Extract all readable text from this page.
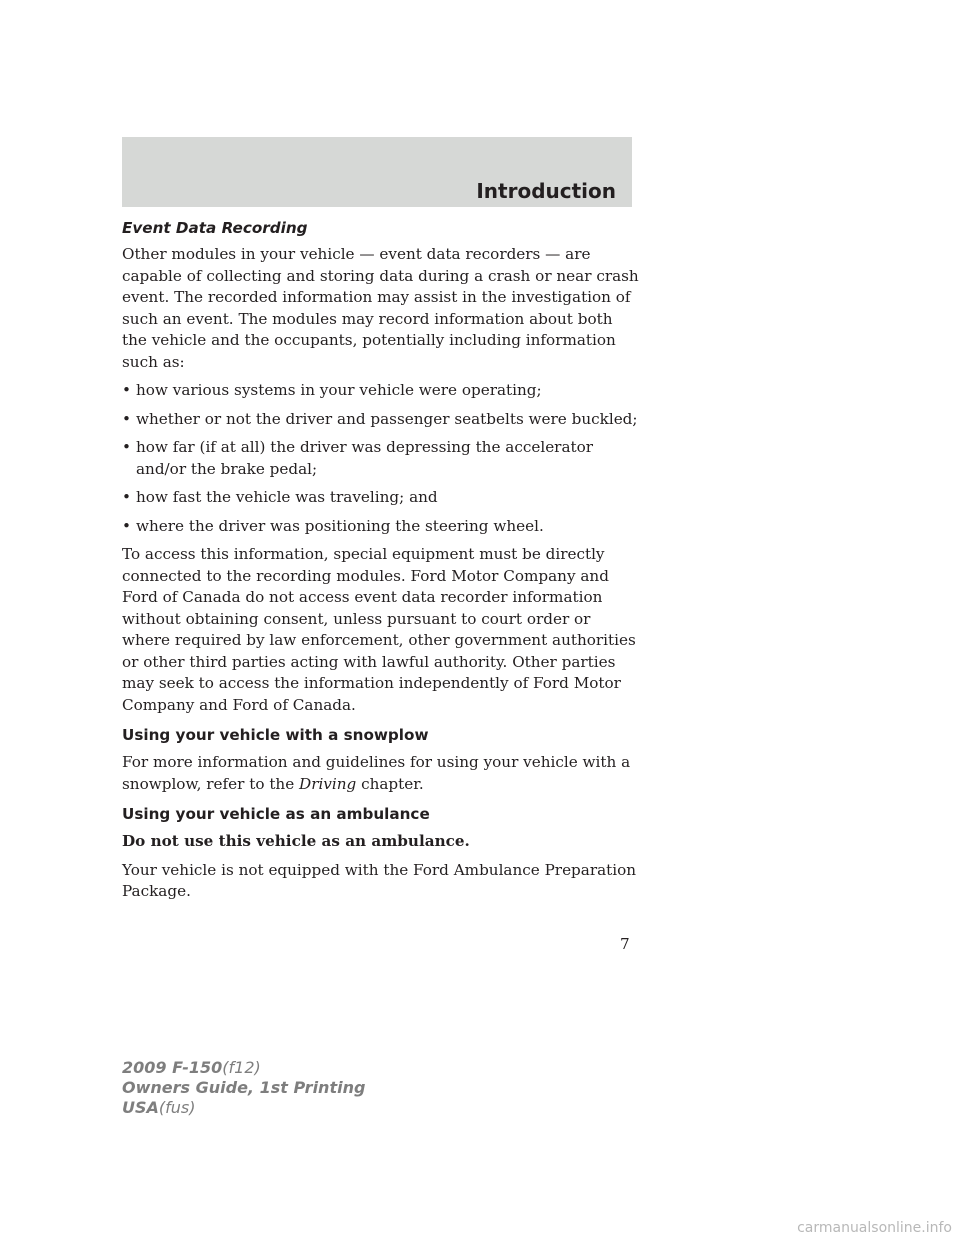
Introduction
Event Data Recording

Other modules in your vehicle — event data recorders — are capable of collecting and storing data during a crash or near crash event. The recorded information may assist in the investigation of such an event. The modules may record information about both the vehicle and the occupants, potentially including information such as:

• how various systems in your vehicle were operating;
• whether or not the driver and passenger seatbelts were buckled;
• how far (if at all) the driver was depressing the accelerator and/or the brake pedal;
• how fast the vehicle was traveling; and
• where the driver was positioning the steering wheel.

To access this information, special equipment must be directly connected to the recording modules. Ford Motor Company and Ford of Canada do not access event data recorder information without obtaining consent, unless pursuant to court order or where required by law enforcement, other government authorities or other third parties acting with lawful authority. Other parties may seek to access the information independently of Ford Motor Company and Ford of Canada.

Using your vehicle with a snowplow

For more information and guidelines for using your vehicle with a snowplow, refer to the Driving chapter.

Using your vehicle as an ambulance

Do not use this vehicle as an ambulance.

Your vehicle is not equipped with the Ford Ambulance Preparation Package.

7
2009 F-150(f12)
Owners Guide, 1st Printing
USA(fus)
carmanualsonline.info
